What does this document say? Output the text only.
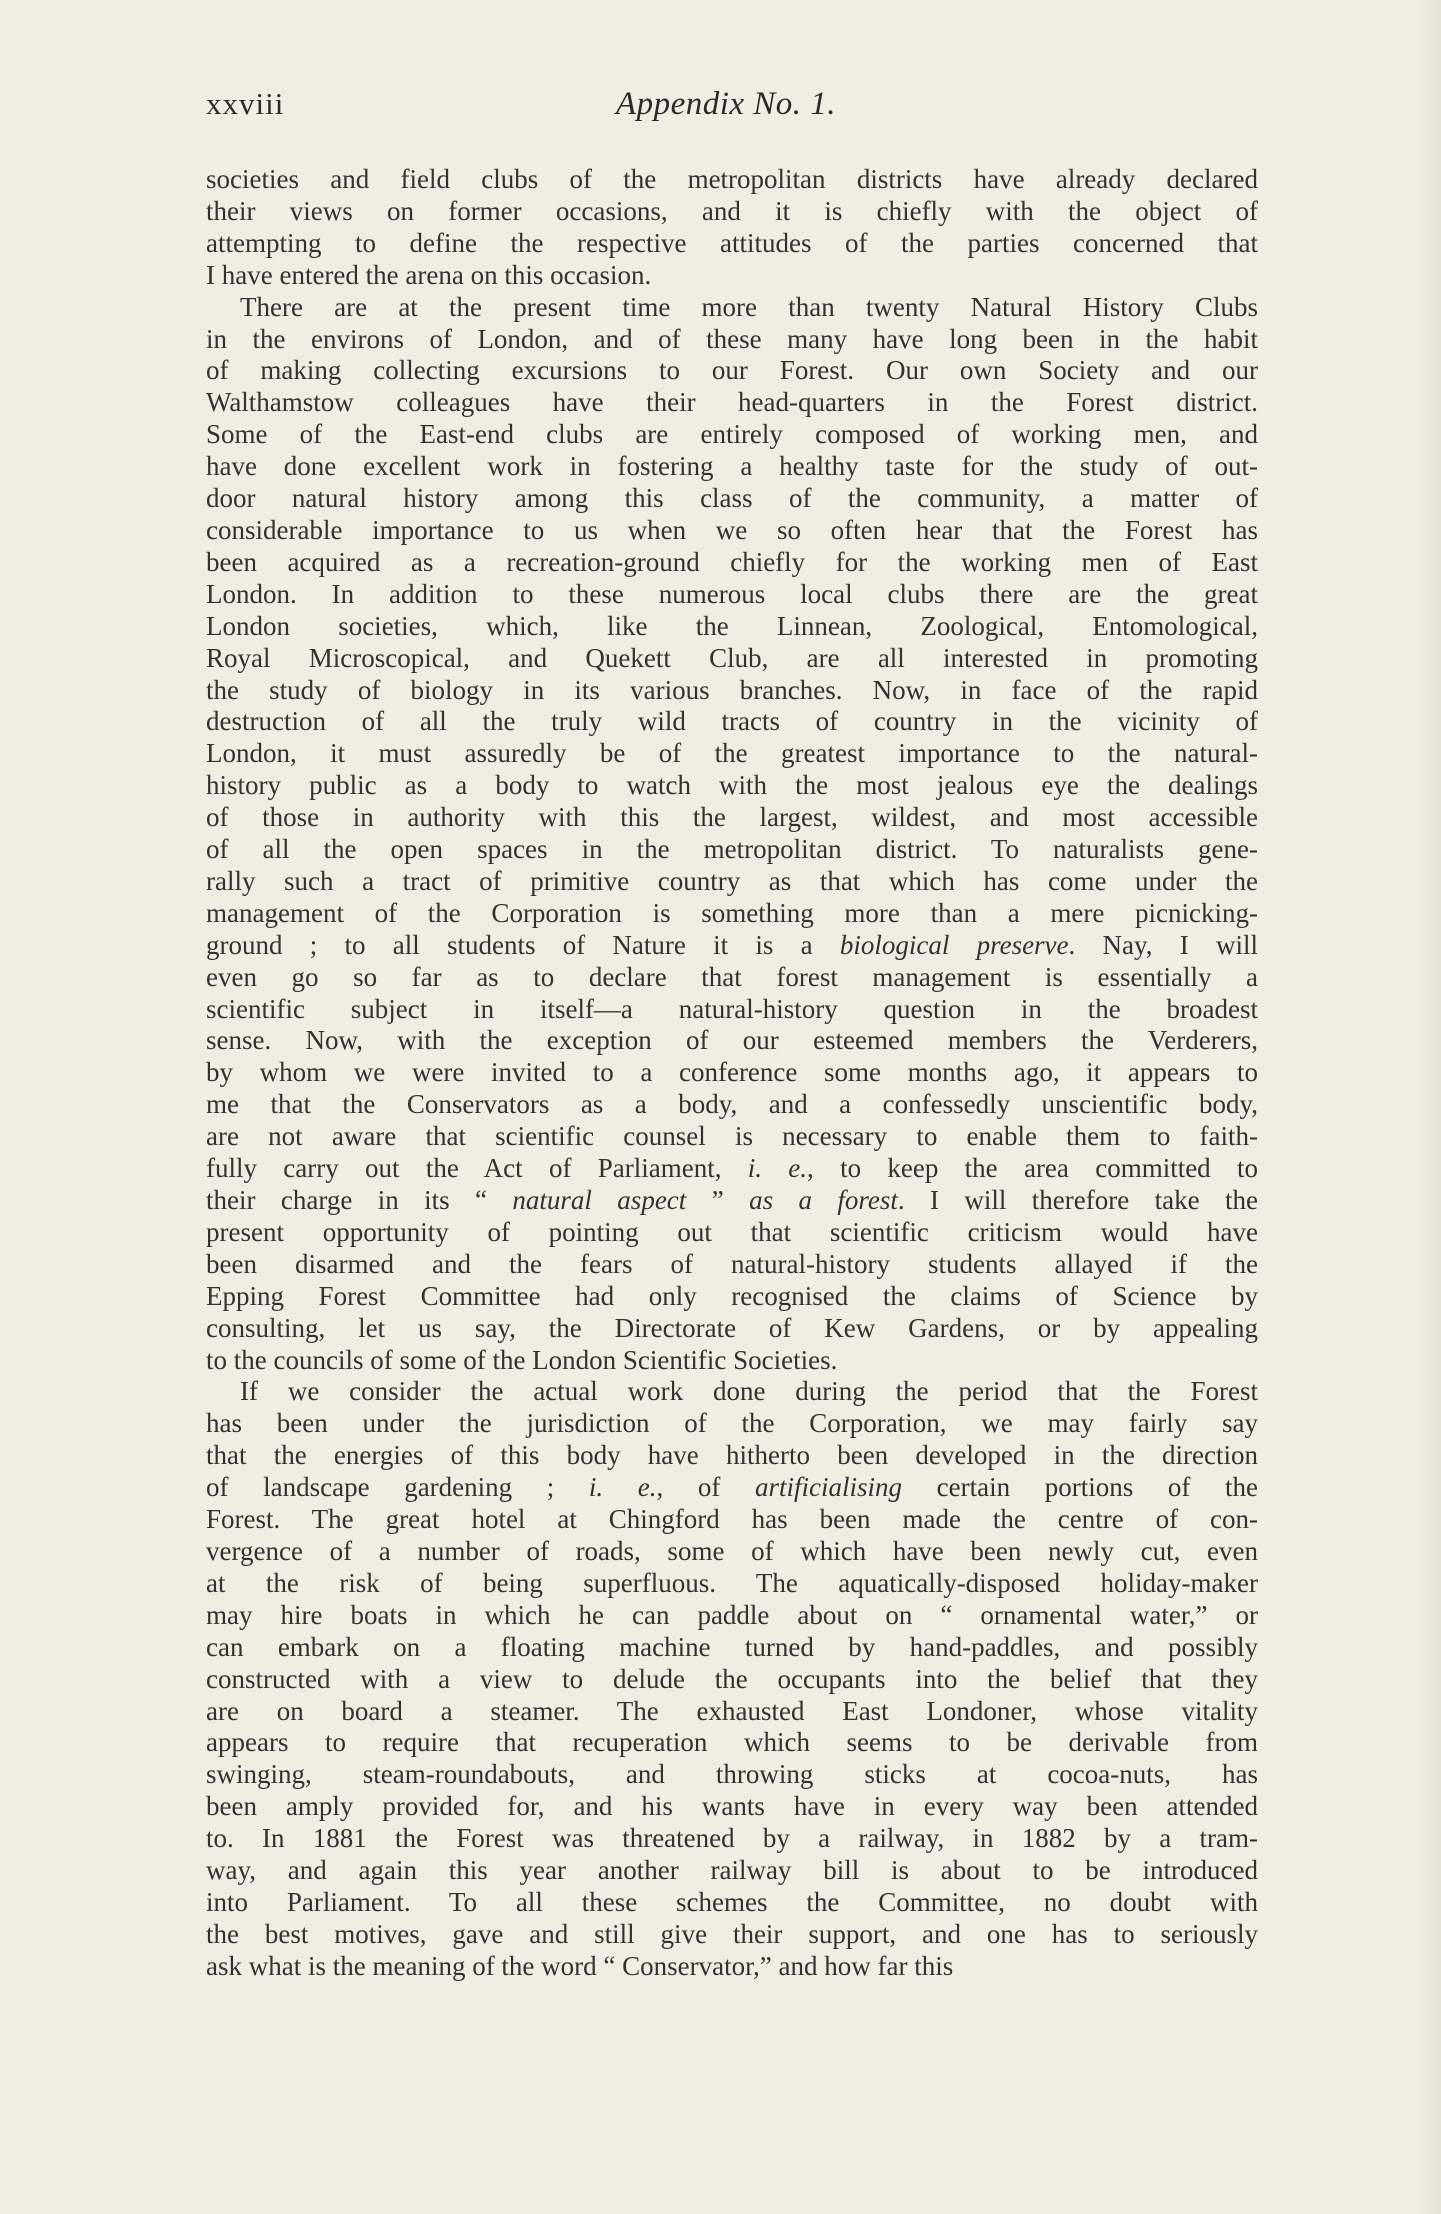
xxviii	Appendix No. 1.
societies and field clubs of the metropolitan districts have already declared
their views on former occasions, and it is chiefly with the object of
attempting to define the respective attitudes of the parties concerned that
I have entered the arena on this occasion.
There are at the present time more than twenty Natural History Clubs
in the environs of London, and of these many have long been in the habit
of making collecting excursions to our Forest. Our own Society and our
Walthamstow colleagues have their head-quarters in the Forest district.
Some of the East-end clubs are entirely composed of working men, and
have done excellent work in fostering a healthy taste for the study of out-
door natural history among this class of the community, a matter of
considerable importance to us when we so often hear that the Forest has
been acquired as a recreation-ground chiefly for the working men of East
London. In addition to these numerous local clubs there are the great
London societies, which, like the Linnean, Zoological, Entomological,
Royal Microscopical, and Quekett Club, are all interested in promoting
the study of biology in its various branches. Now, in face of the rapid
destruction of all the truly wild tracts of country in the vicinity of
London, it must assuredly be of the greatest importance to the natural-
history public as a body to watch with the most jealous eye the dealings
of those in authority with this the largest, wildest, and most accessible
of all the open spaces in the metropolitan district. To naturalists gene-
rally such a tract of primitive country as that which has come under the
management of the Corporation is something more than a mere picnicking-
ground ; to all students of Nature it is a biological preserve. Nay, I will
even go so far as to declare that forest management is essentially a
scientific subject in itself—a natural-history question in the broadest
sense. Now, with the exception of our esteemed members the Verderers,
by whom we were invited to a conference some months ago, it appears to
me that the Conservators as a body, and a confessedly unscientific body,
are not aware that scientific counsel is necessary to enable them to faith-
fully carry out the Act of Parliament, i. e., to keep the area committed to
their charge in its “ natural aspect ” as a forest. I will therefore take the
present opportunity of pointing out that scientific criticism would have
been disarmed and the fears of natural-history students allayed if the
Epping Forest Committee had only recognised the claims of Science by
consulting, let us say, the Directorate of Kew Gardens, or by appealing
to the councils of some of the London Scientific Societies.
If we consider the actual work done during the period that the Forest
has been under the jurisdiction of the Corporation, we may fairly say
that the energies of this body have hitherto been developed in the direction
of landscape gardening ; i. e., of artificialising certain portions of the
Forest. The great hotel at Chingford has been made the centre of con-
vergence of a number of roads, some of which have been newly cut, even
at the risk of being superfluous. The aquatically-disposed holiday-maker
may hire boats in which he can paddle about on “ ornamental water,” or
can embark on a floating machine turned by hand-paddles, and possibly
constructed with a view to delude the occupants into the belief that they
are on board a steamer. The exhausted East Londoner, whose vitality
appears to require that recuperation which seems to be derivable from
swinging, steam-roundabouts, and throwing sticks at cocoa-nuts, has
been amply provided for, and his wants have in every way been attended
to. In 1881 the Forest was threatened by a railway, in 1882 by a tram-
way, and again this year another railway bill is about to be introduced
into Parliament. To all these schemes the Committee, no doubt with
the best motives, gave and still give their support, and one has to seriously
ask what is the meaning of the word “ Conservator,” and how far this
